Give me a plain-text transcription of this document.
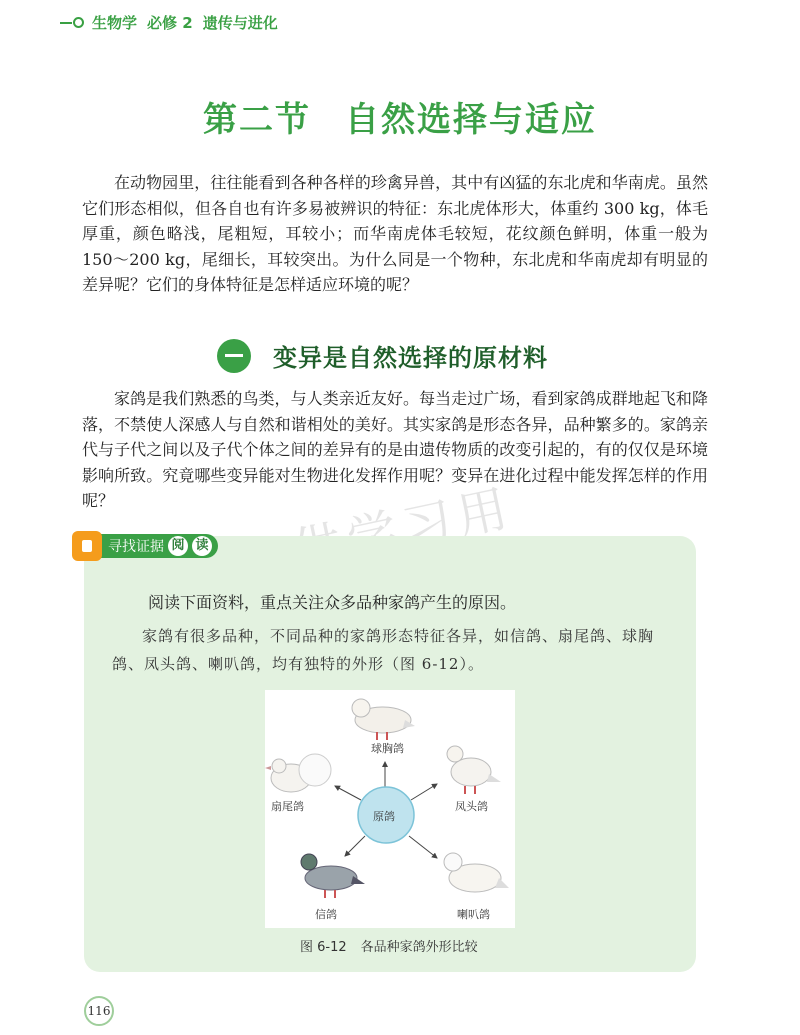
生物学 必修 2 遗传与进化
第二节 自然选择与适应

在动物园里，往往能看到各种各样的珍禽异兽，其中有凶猛的东北虎和华南虎。虽然它们形态相似，但各自也有许多易被辨识的特征：东北虎体形大，体重约 300 kg，体毛厚重，颜色略浅，尾粗短，耳较小；而华南虎体毛较短，花纹颜色鲜明，体重一般为 150～200 kg，尾细长，耳较突出。为什么同是一个物种，东北虎和华南虎却有明显的差异呢？它们的身体特征是怎样适应环境的呢？

变异是自然选择的原材料

家鸽是我们熟悉的鸟类，与人类亲近友好。每当走过广场，看到家鸽成群地起飞和降落，不禁使人深感人与自然和谐相处的美好。其实家鸽是形态各异，品种繁多的。家鸽亲代与子代之间以及子代个体之间的差异有的是由遗传物质的改变引起的，有的仅仅是环境影响所致。究竟哪些变异能对生物进化发挥作用呢？变异在进化过程中能发挥怎样的作用呢？	供学习用
寻找证据 阅 读
阅读下面资料，重点关注众多品种家鸽产生的原因。

家鸽有很多品种，不同品种的家鸽形态特征各异，如信鸽、扇尾鸽、球胸鸽、凤头鸽、喇叭鸽，均有独特的外形（图 6-12）。

球胸鸽
扇尾鸽	凤头鸽
原鸽
信鸽	喇叭鸽
图 6-12 各品种家鸽外形比较
116
